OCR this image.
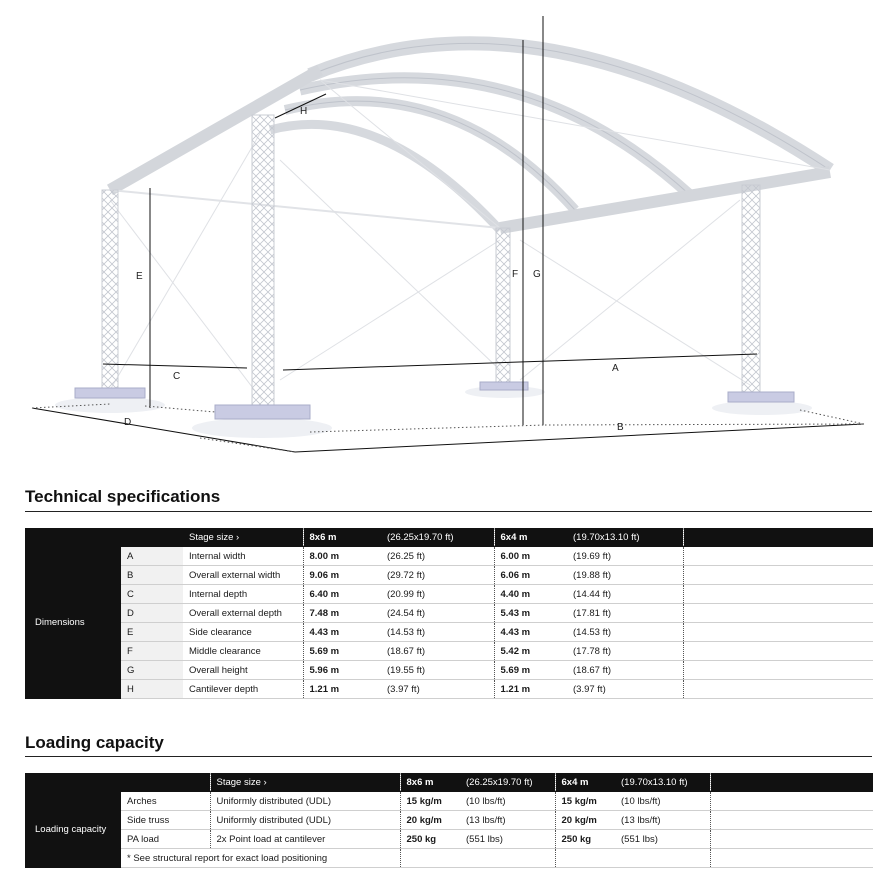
A
B
C
D
E	F G
H
Technical specifications
		Stage size ›	8x6 m	(26.25x19.70 ft)	6x4 m	(19.70x13.10 ft)	
Dimensions	A	Internal width	8.00 m	(26.25 ft)	6.00 m	(19.69 ft)	
	B	Overall external width	9.06 m	(29.72 ft)	6.06 m	(19.88 ft)	
	C	Internal depth	6.40 m	(20.99 ft)	4.40 m	(14.44 ft)	
	D	Overall external depth	7.48 m	(24.54 ft)	5.43 m	(17.81 ft)	
	E	Side clearance	4.43 m	(14.53 ft)	4.43 m	(14.53 ft)	
	F	Middle clearance	5.69 m	(18.67 ft)	5.42 m	(17.78 ft)	
	G	Overall height	5.96 m	(19.55 ft)	5.69 m	(18.67 ft)	
	H	Cantilever depth	1.21 m	(3.97 ft)	1.21 m	(3.97 ft)	
Loading capacity
		Stage size ›	8x6 m	(26.25x19.70 ft)	6x4 m	(19.70x13.10 ft)	
Loading capacity	Arches	Uniformly distributed (UDL)	15 kg/m	(10 lbs/ft)	15 kg/m	(10 lbs/ft)	
	Side truss	Uniformly distributed (UDL)	20 kg/m	(13 lbs/ft)	20 kg/m	(13 lbs/ft)	
	PA load	2x Point load at cantilever	250 kg	(551 lbs)	250 kg	(551 lbs)	
	* See structural report for exact load positioning						
